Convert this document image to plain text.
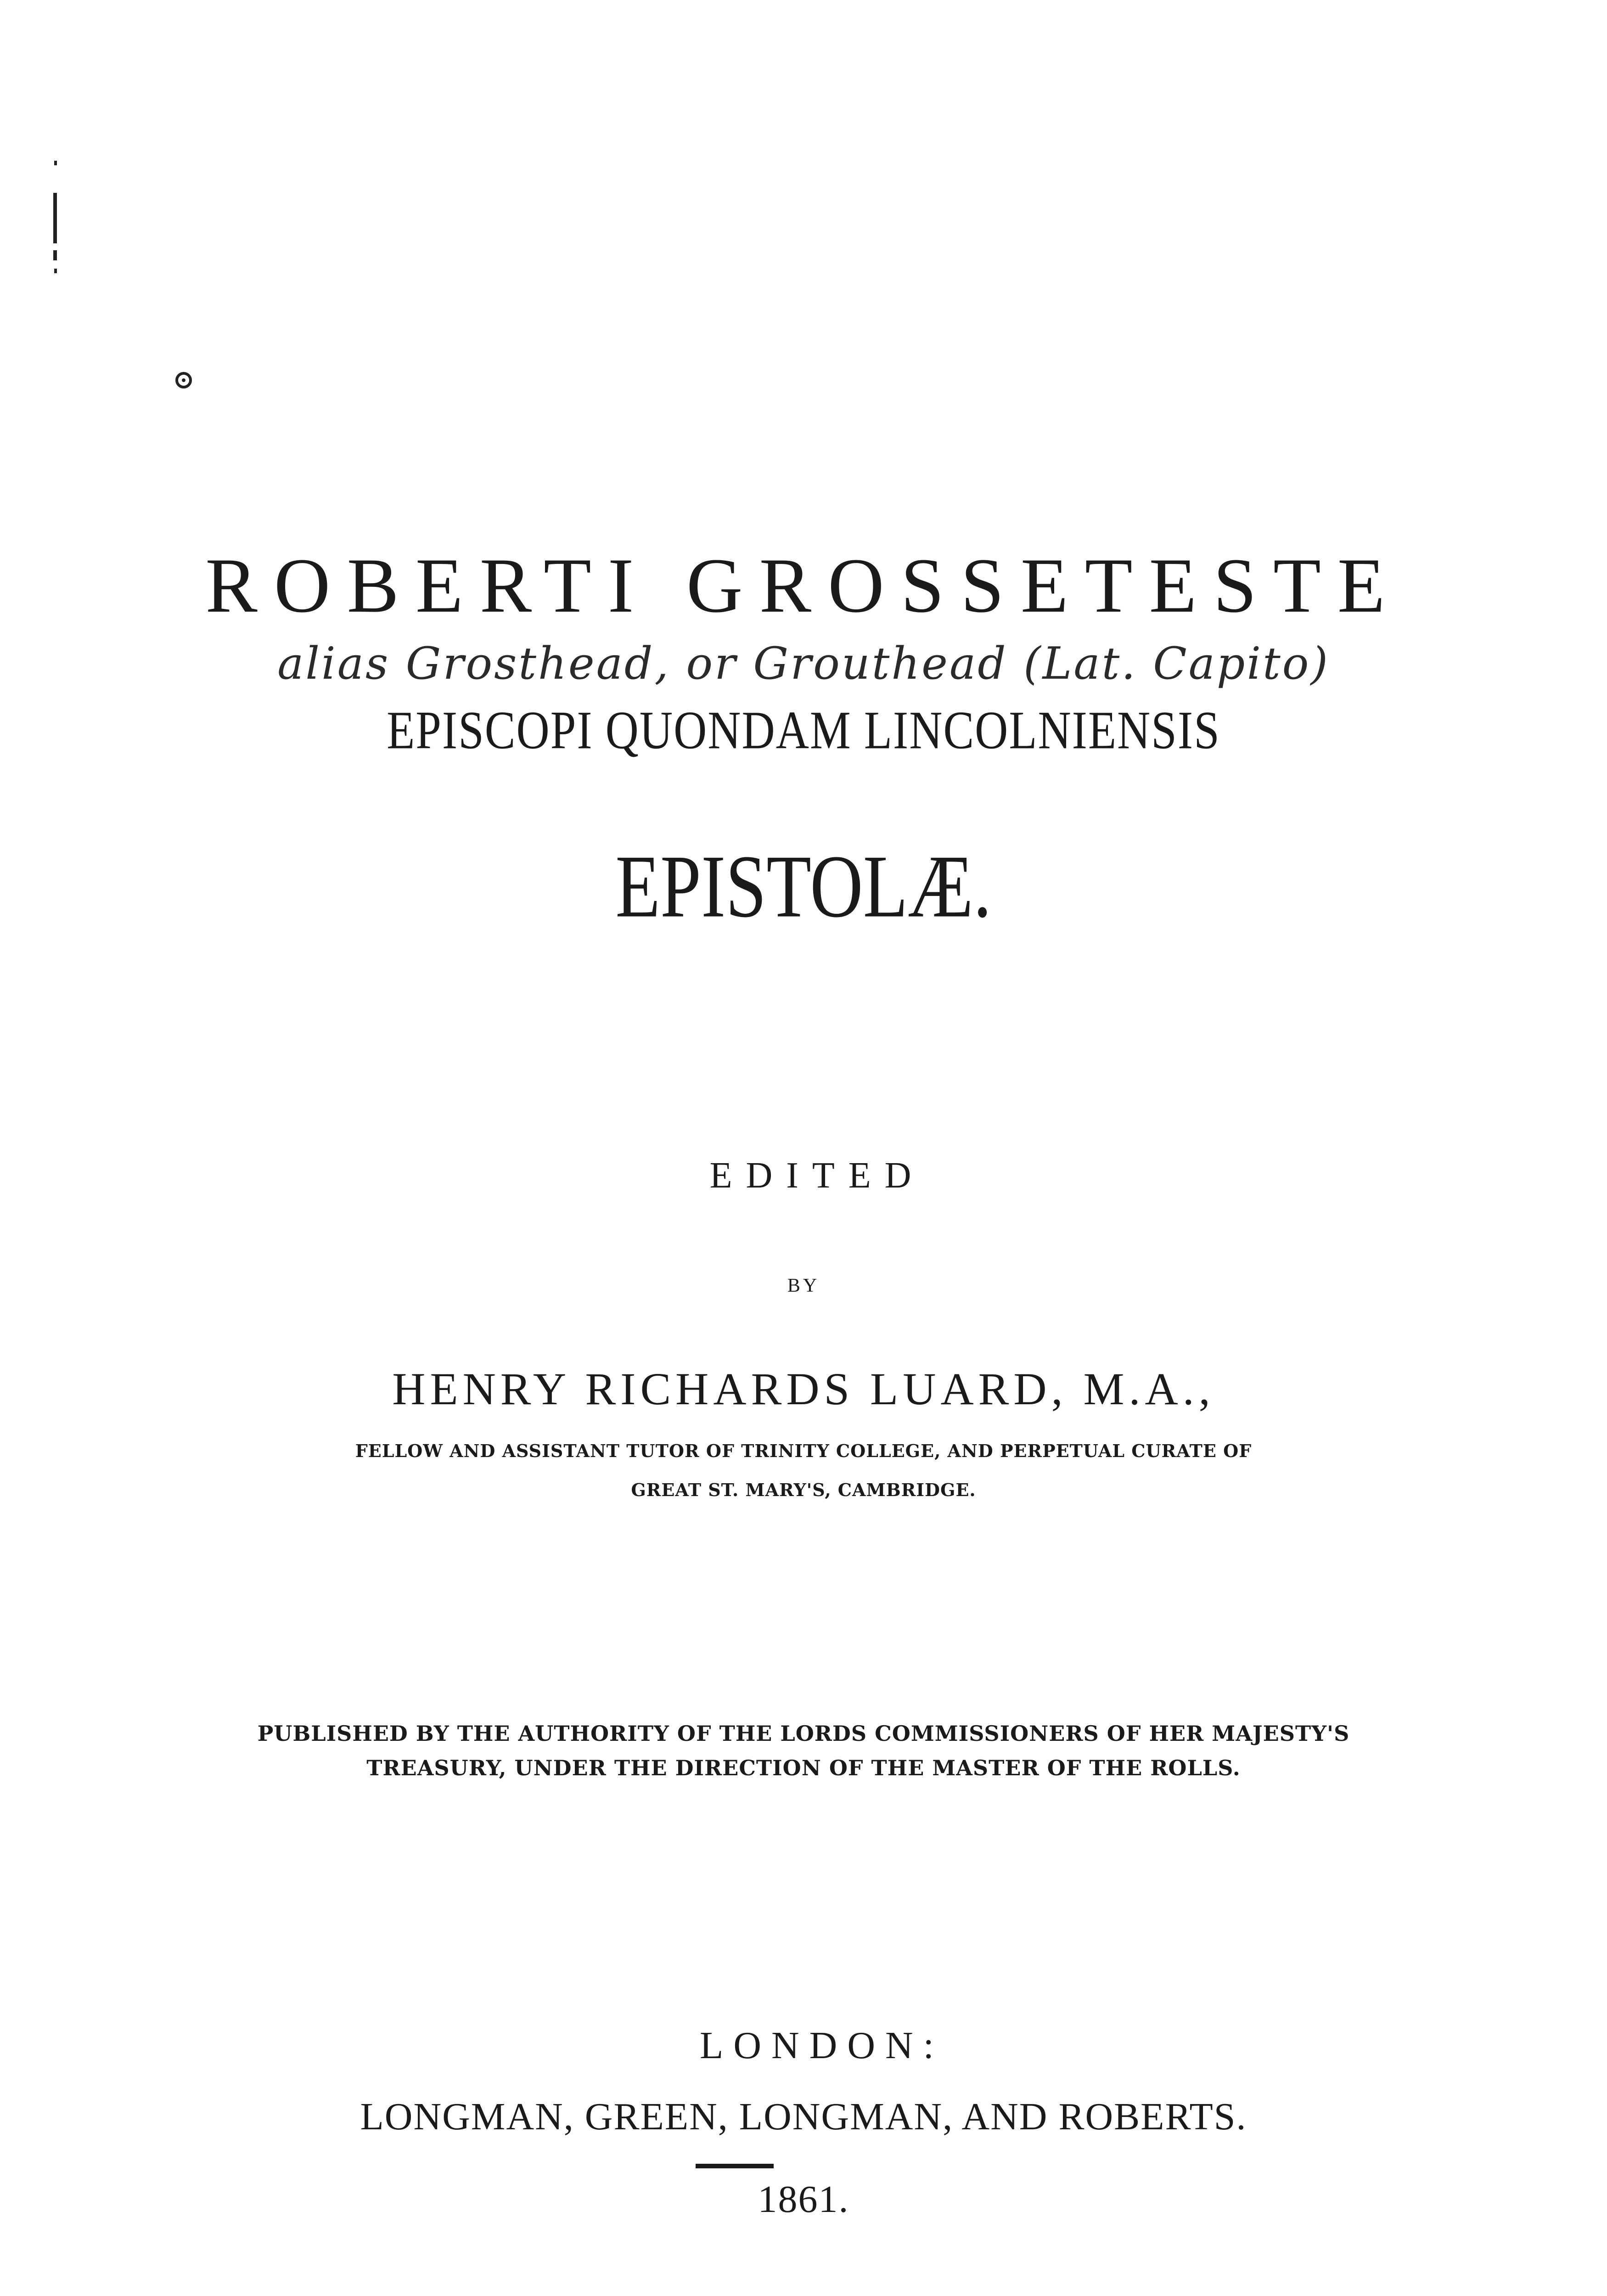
ROBERTI GROSSETESTE
alias Grosthead, or Grouthead (Lat. Capito)
EPISCOPI QUONDAM LINCOLNIENSIS
EPISTOLÆ.
EDITED
BY
HENRY RICHARDS LUARD, M.A.,
FELLOW AND ASSISTANT TUTOR OF TRINITY COLLEGE, AND PERPETUAL CURATE OF
GREAT ST. MARY'S, CAMBRIDGE.
PUBLISHED BY THE AUTHORITY OF THE LORDS COMMISSIONERS OF HER MAJESTY'S
TREASURY, UNDER THE DIRECTION OF THE MASTER OF THE ROLLS.
LONDON:
LONGMAN, GREEN, LONGMAN, AND ROBERTS.
1861.
